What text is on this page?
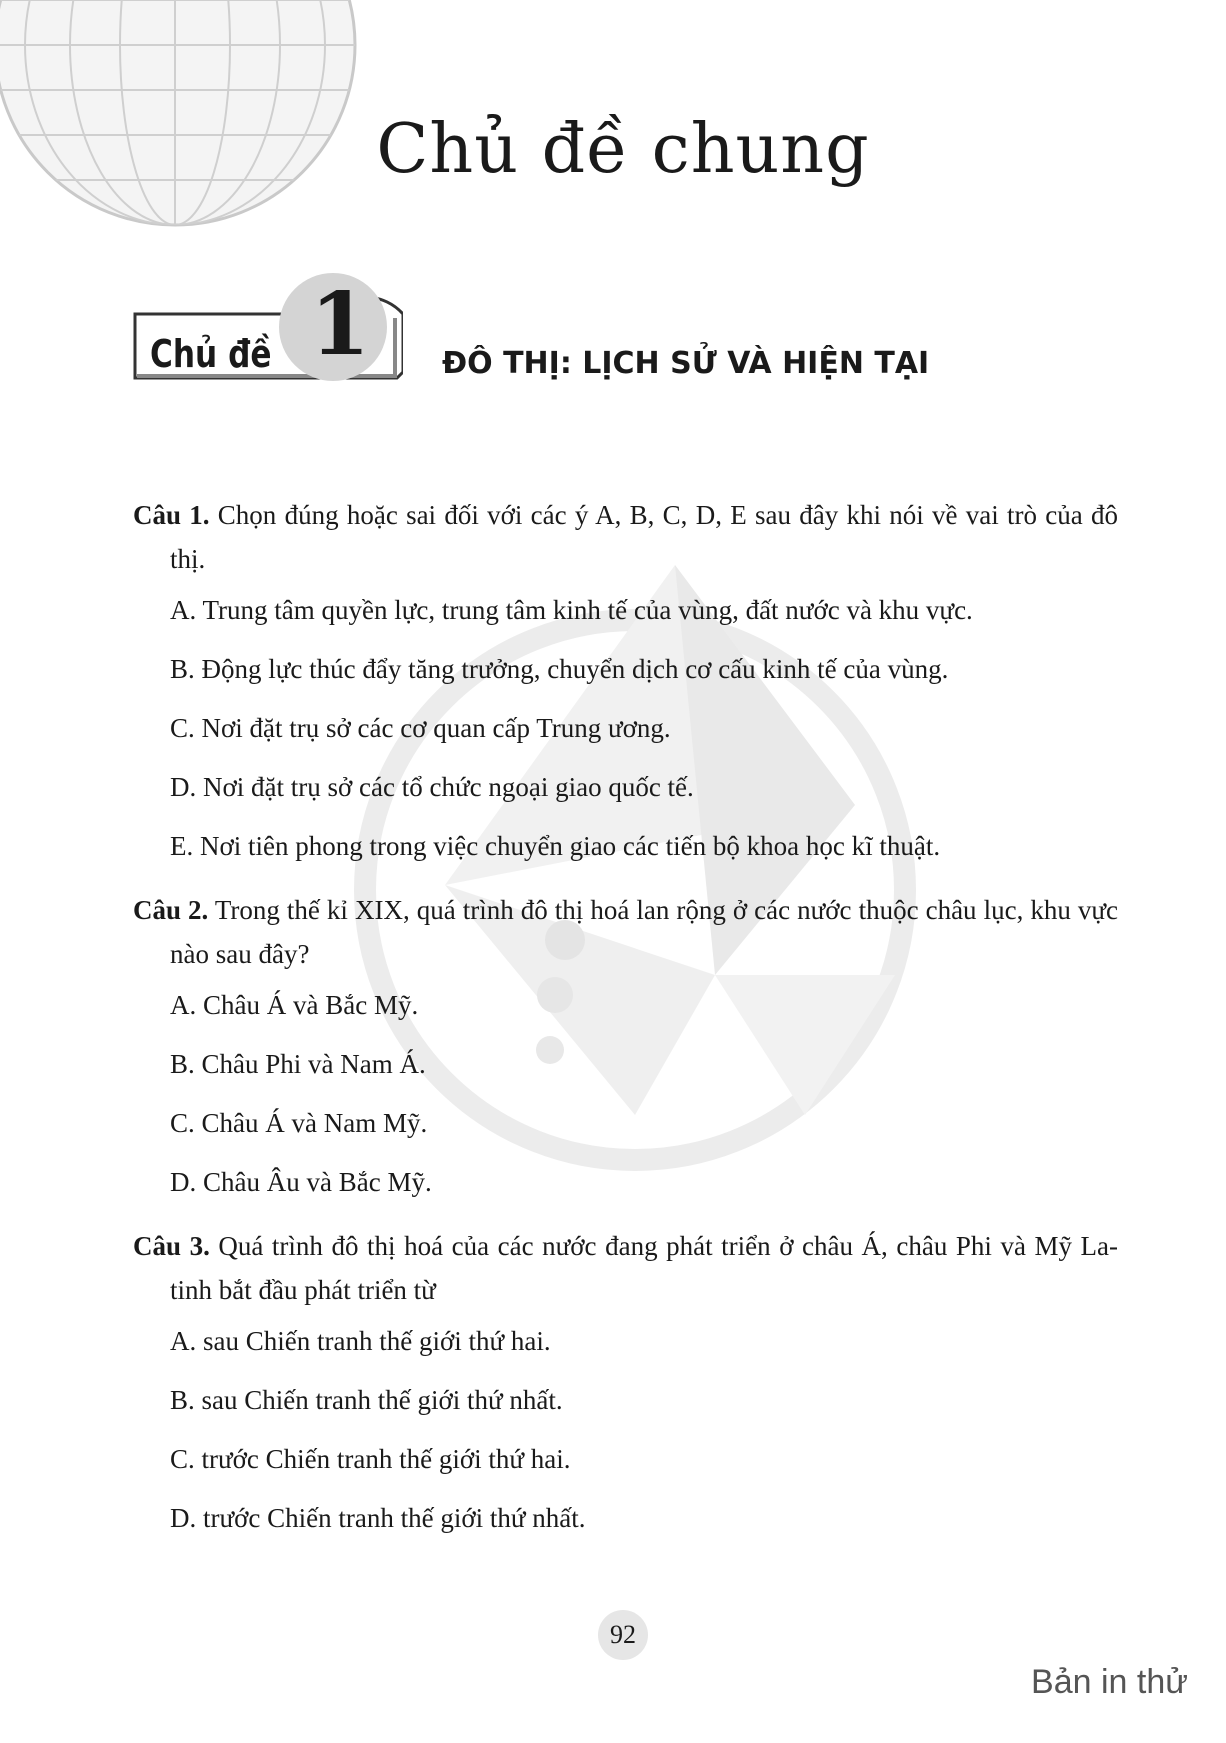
Chủ đề chung
Chủ đề 1	ĐÔ THỊ: LỊCH SỬ VÀ HIỆN TẠI
Câu 1. Chọn đúng hoặc sai đối với các ý A, B, C, D, E sau đây khi nói về vai trò của đô thị.
A. Trung tâm quyền lực, trung tâm kinh tế của vùng, đất nước và khu vực.
B. Động lực thúc đẩy tăng trưởng, chuyển dịch cơ cấu kinh tế của vùng.
C. Nơi đặt trụ sở các cơ quan cấp Trung ương.
D. Nơi đặt trụ sở các tổ chức ngoại giao quốc tế.
E. Nơi tiên phong trong việc chuyển giao các tiến bộ khoa học kĩ thuật.
Câu 2. Trong thế kỉ XIX, quá trình đô thị hoá lan rộng ở các nước thuộc châu lục, khu vực nào sau đây?
A. Châu Á và Bắc Mỹ.
B. Châu Phi và Nam Á.
C. Châu Á và Nam Mỹ.
D. Châu Âu và Bắc Mỹ.
Câu 3. Quá trình đô thị hoá của các nước đang phát triển ở châu Á, châu Phi và Mỹ La-tinh bắt đầu phát triển từ
A. sau Chiến tranh thế giới thứ hai.
B. sau Chiến tranh thế giới thứ nhất.
C. trước Chiến tranh thế giới thứ hai.
D. trước Chiến tranh thế giới thứ nhất.
92
Bản in thử
